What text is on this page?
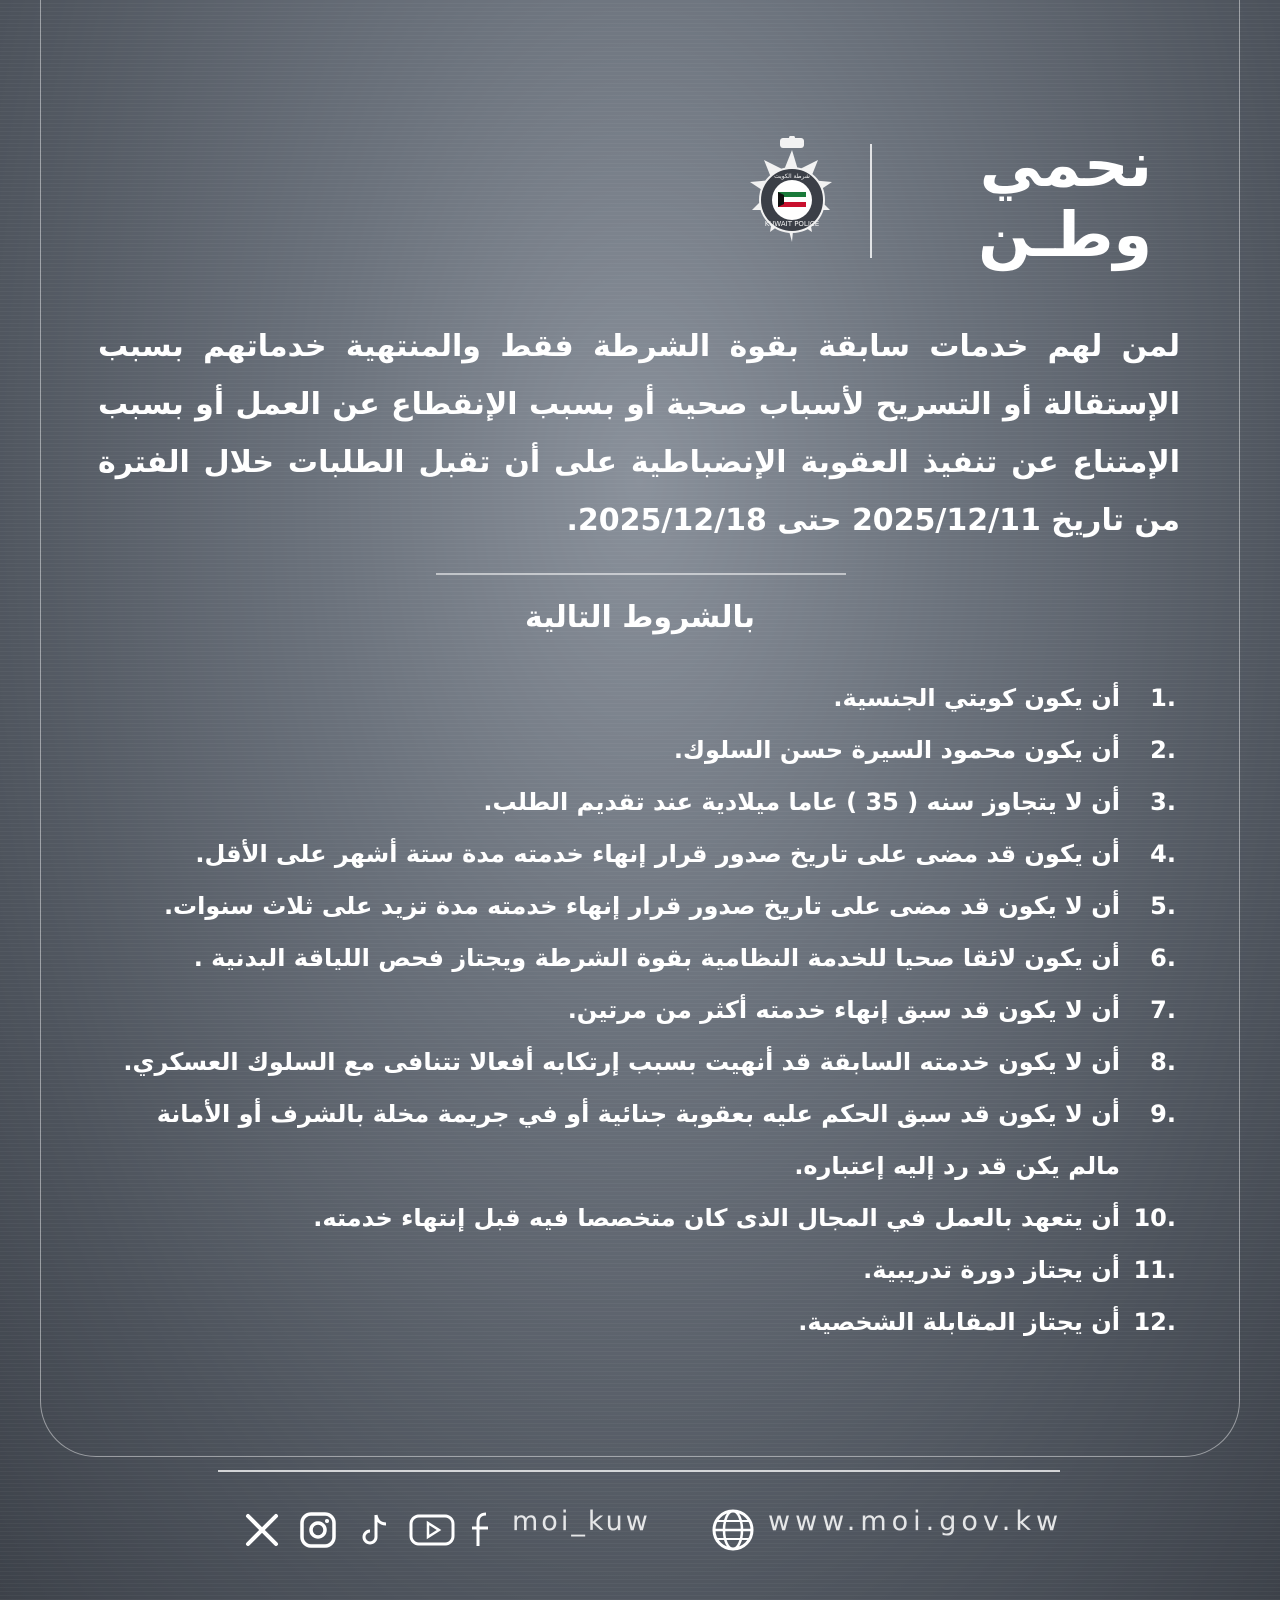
KUWAIT POLICE
شرطة الكويت	نحمي
وطـن
لمن لهم خدمات سابقة بقوة الشرطة فقط والمنتهية خدماتهم بسبب الإستقالة أو التسريح لأسباب صحية أو بسبب الإنقطاع عن العمل أو بسبب الإمتناع عن تنفيذ العقوبة الإنضباطية على أن تقبل الطلبات خلال الفترة من تاريخ 2025/12/11 حتى 2025/12/18.
بالشروط التالية
1.
أن يكون كويتي الجنسية.
2.
أن يكون محمود السيرة حسن السلوك.
3.
أن لا يتجاوز سنه ( 35 ) عاما ميلادية عند تقديم الطلب.
4.
أن يكون قد مضى على تاريخ صدور قرار إنهاء خدمته مدة ستة أشهر على الأقل.
5.
أن لا يكون قد مضى على تاريخ صدور قرار إنهاء خدمته مدة تزيد على ثلاث سنوات.
6.
أن يكون لائقا صحيا للخدمة النظامية بقوة الشرطة ويجتاز فحص اللياقة البدنية .
7.
أن لا يكون قد سبق إنهاء خدمته أكثر من مرتين.
8.
أن لا يكون خدمته السابقة قد أنهيت بسبب إرتكابه أفعالا تتنافى مع السلوك العسكري.
9.
أن لا يكون قد سبق الحكم عليه بعقوبة جنائية أو في جريمة مخلة بالشرف أو الأمانة مالم يكن قد رد إليه إعتباره.
10.
أن يتعهد بالعمل في المجال الذى كان متخصصا فيه قبل إنتهاء خدمته.
11.
أن يجتاز دورة تدريبية.
12.
أن يجتاز المقابلة الشخصية.
moi_kuw	www.moi.gov.kw
